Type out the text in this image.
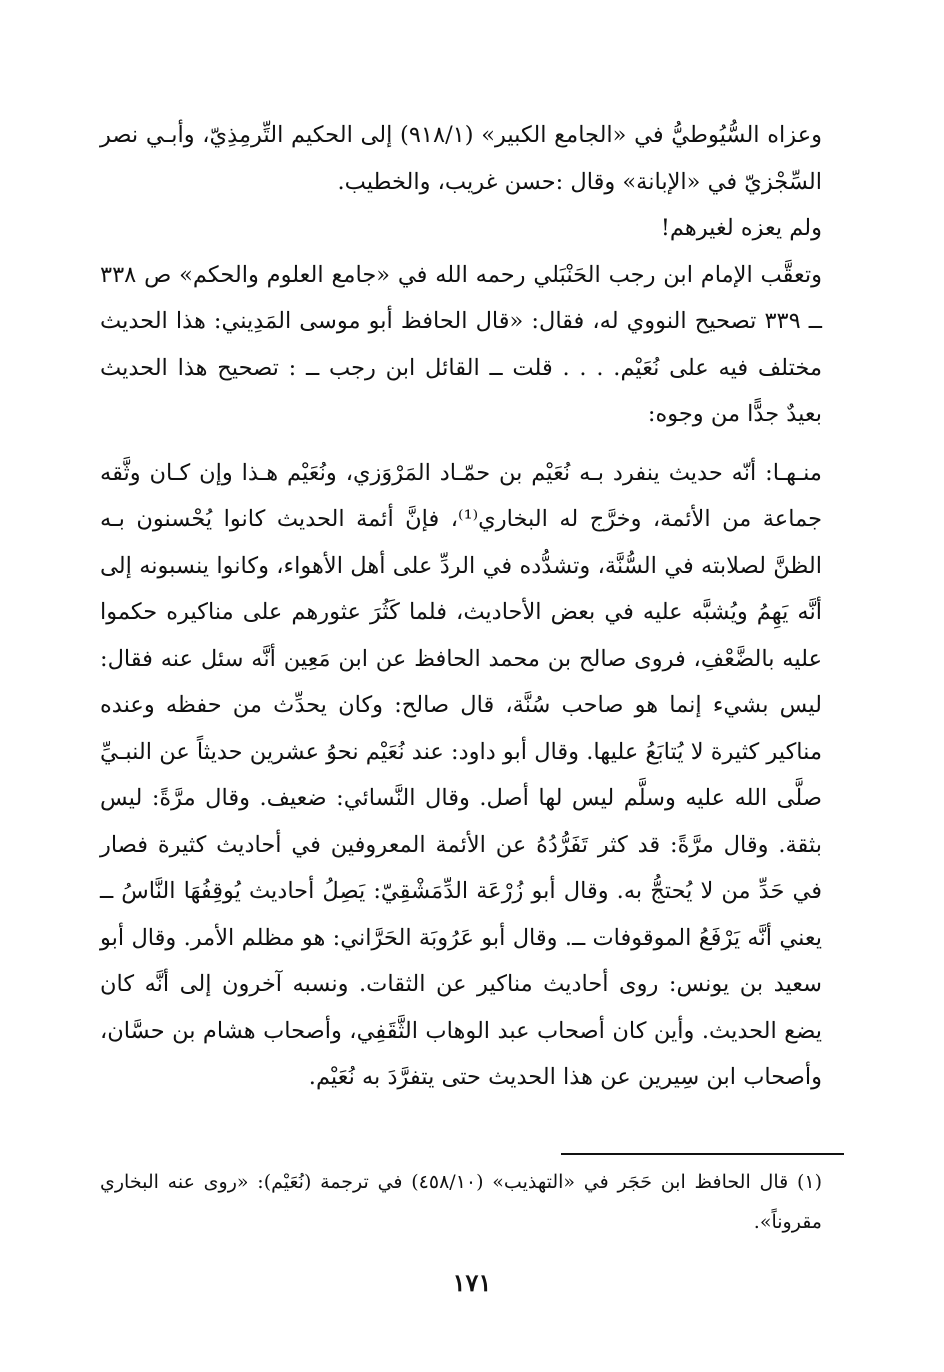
وعزاه السُّيُوطيُّ في «الجامع الكبير» (٩١٨/١) إلى الحكيم التِّرمِذِيّ، وأبـي نصر السِّجْزيّ في «الإبانة» وقال :حسن غريب، والخطيب.

ولم يعزه لغيرهم!

وتعقَّب الإمام ابن رجب الحَنْبَلي رحمه الله في «جامع العلوم والحكم» ص ٣٣٨ ــ ٣٣٩ تصحيح النووي له، فقال: «قال الحافظ أبو موسى المَدِيني: هذا الحديث مختلف فيه على نُعَيْم. . . . قلت ــ القائل ابن رجب ــ : تصحيح هذا الحديث بعيدٌ جدًّا من وجوه:

منـهـا: أنّه حديث ينفرد بـه نُعَيْم بن حمّـاد المَرْوَزي، ونُعَيْم هـذا وإن كـان وثَّقه جماعة من الأئمة، وخرَّج له البخاري⁽¹⁾، فإنَّ أئمة الحديث كانوا يُحْسنون بـه الظنَّ لصلابته في السُّنَّة، وتشدُّده في الردِّ على أهل الأهواء، وكانوا ينسبونه إلى أنَّه يَهِمُ ويُشبَّه عليه في بعض الأحاديث، فلما كَثُرَ عثورهم على مناكيره حكموا عليه بالضَّعْفِ، فروى صالح بن محمد الحافظ عن ابن مَعِين أنَّه سئل عنه فقال: ليس بشيء إنما هو صاحب سُنَّة، قال صالح: وكان يحدِّث من حفظه وعنده مناكير كثيرة لا يُتابَعُ عليها. وقال أبو داود: عند نُعَيْم نحوُ عشرين حديثاً عن النبـيِّ صلَّى الله عليه وسلَّم ليس لها أصل. وقال النَّسائي: ضعيف. وقال مرَّةً: ليس بثقة. وقال مرَّةً: قد كثر تَفَرُّدُهُ عن الأئمة المعروفين في أحاديث كثيرة فصار في حَدِّ من لا يُحتجُّ به. وقال أبو زُرْعَة الدِّمَشْقِيّ: يَصِلُ أحاديث يُوقِفُهَا النَّاسُ ــ يعني أنَّه يَرْفَعُ الموقوفات ــ. وقال أبو عَرُوبَة الحَرَّاني: هو مظلم الأمر. وقال أبو سعيد بن يونس: روى أحاديث مناكير عن الثقات. ونسبه آخرون إلى أنَّه كان يضع الحديث. وأين كان أصحاب عبد الوهاب الثَّقَفِي، وأصحاب هشام بن حسَّان، وأصحاب ابن سِيرين عن هذا الحديث حتى يتفرَّدَ به نُعَيْم.

(١) قال الحافظ ابن حَجَر في «التهذيب» (٤٥٨/١٠) في ترجمة (نُعَيْم): «روى عنه البخاري مقروناً».

١٧١
